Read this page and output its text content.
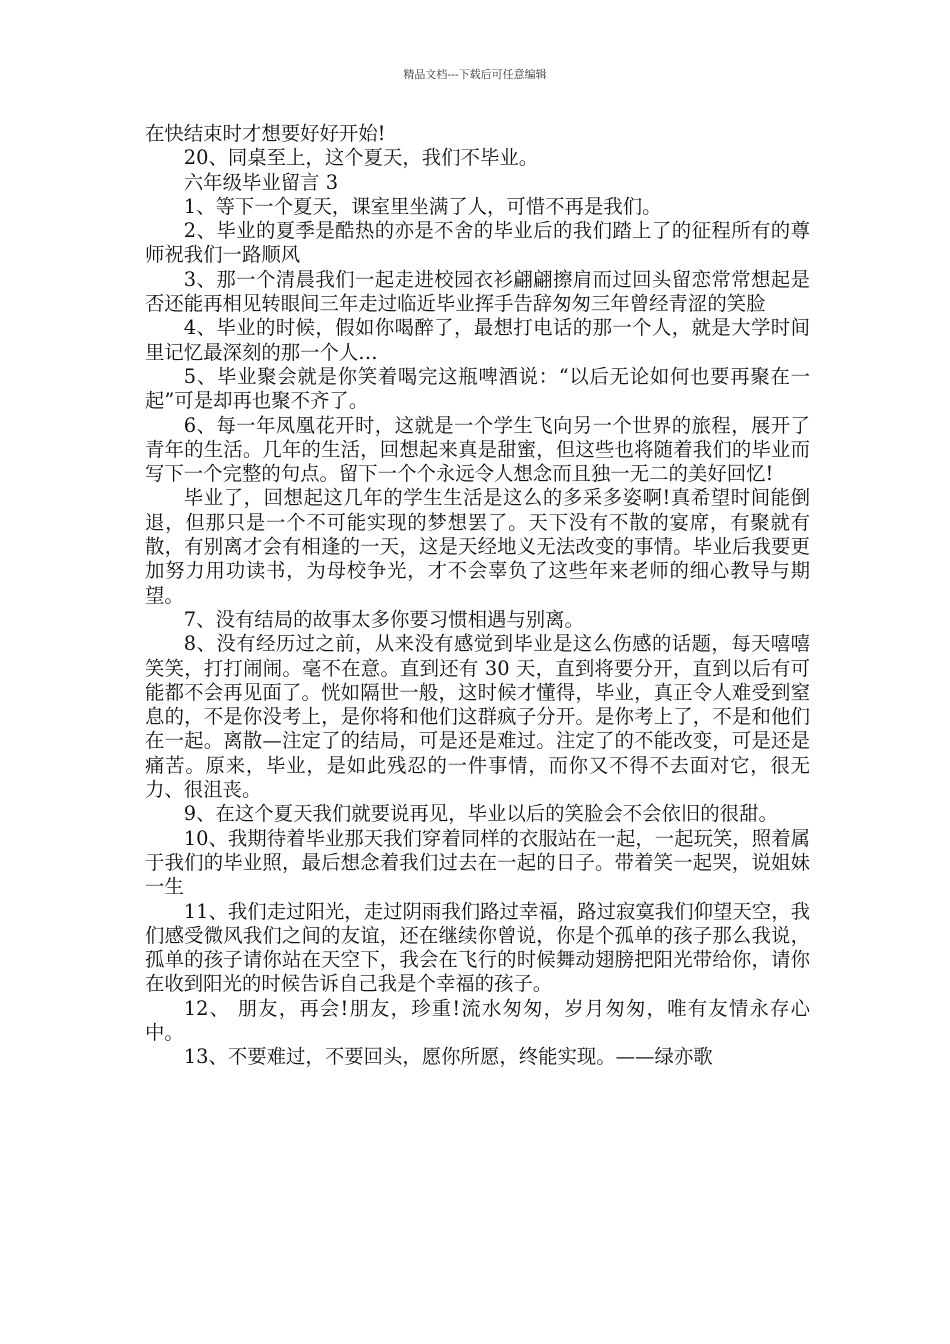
精品文档---下载后可任意编辑

在快结束时才想要好好开始!

20、同桌至上，这个夏天，我们不毕业。

六年级毕业留言 3

1、等下一个夏天，课室里坐满了人，可惜不再是我们。

2、毕业的夏季是酷热的亦是不舍的毕业后的我们踏上了的征程所有的尊师祝我们一路顺风

3、那一个清晨我们一起走进校园衣衫翩翩擦肩而过回头留恋常常想起是否还能再相见转眼间三年走过临近毕业挥手告辞匆匆三年曾经青涩的笑脸

4、毕业的时候，假如你喝醉了，最想打电话的那一个人，就是大学时间里记忆最深刻的那一个人…

5、毕业聚会就是你笑着喝完这瓶啤酒说：“以后无论如何也要再聚在一起”可是却再也聚不齐了。

6、每一年凤凰花开时，这就是一个学生飞向另一个世界的旅程，展开了青年的生活。几年的生活，回想起来真是甜蜜，但这些也将随着我们的毕业而写下一个完整的句点。留下一个个永远令人想念而且独一无二的美好回忆!

毕业了，回想起这几年的学生生活是这么的多采多姿啊!真希望时间能倒退，但那只是一个不可能实现的梦想罢了。天下没有不散的宴席，有聚就有散，有别离才会有相逢的一天，这是天经地义无法改变的事情。毕业后我要更加努力用功读书，为母校争光，才不会辜负了这些年来老师的细心教导与期望。

7、没有结局的故事太多你要习惯相遇与别离。

8、没有经历过之前，从来没有感觉到毕业是这么伤感的话题，每天嘻嘻笑笑，打打闹闹。毫不在意。直到还有 30 天，直到将要分开，直到以后有可能都不会再见面了。恍如隔世一般，这时候才懂得，毕业，真正令人难受到窒息的，不是你没考上，是你将和他们这群疯子分开。是你考上了，不是和他们在一起。离散—注定了的结局，可是还是难过。注定了的不能改变，可是还是痛苦。原来，毕业，是如此残忍的一件事情，而你又不得不去面对它，很无力、很沮丧。

9、在这个夏天我们就要说再见，毕业以后的笑脸会不会依旧的很甜。

10、我期待着毕业那天我们穿着同样的衣服站在一起，一起玩笑，照着属于我们的毕业照，最后想念着我们过去在一起的日子。带着笑一起哭，说姐妹一生

11、我们走过阳光，走过阴雨我们路过幸福，路过寂寞我们仰望天空，我们感受微风我们之间的友谊，还在继续你曾说，你是个孤单的孩子那么我说，孤单的孩子请你站在天空下，我会在飞行的时候舞动翅膀把阳光带给你，请你在收到阳光的时候告诉自己我是个幸福的孩子。

12、 朋友，再会!朋友，珍重!流水匆匆，岁月匆匆，唯有友情永存心中。

13、不要难过，不要回头，愿你所愿，终能实现。——绿亦歌
